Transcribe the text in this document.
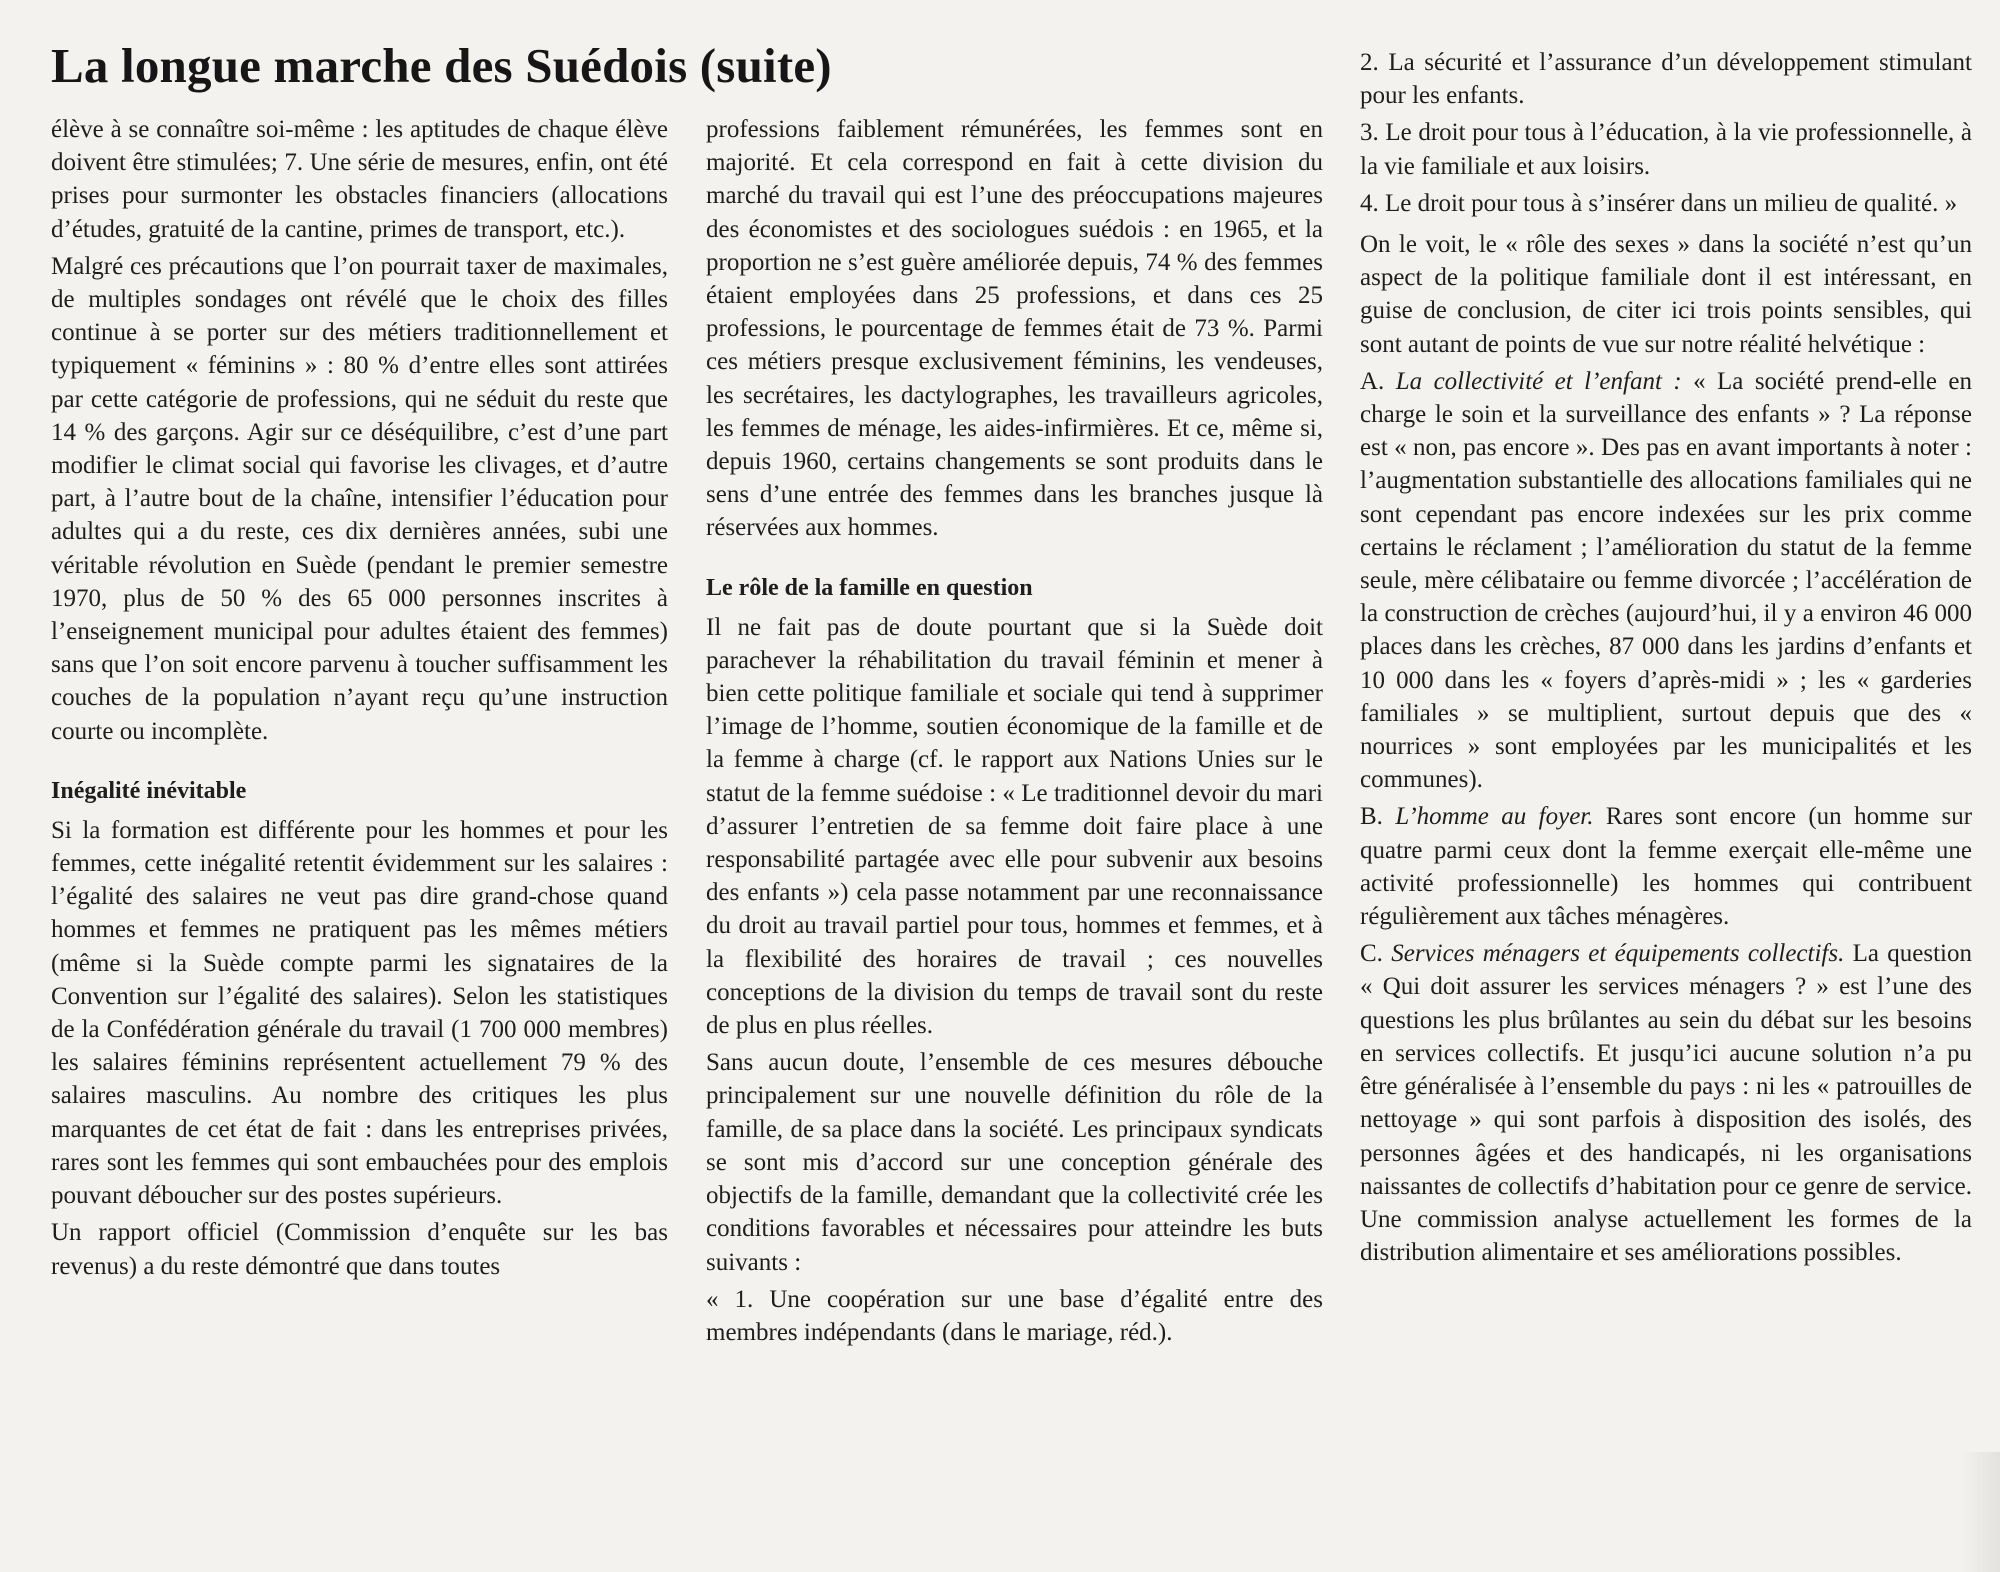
La longue marche des Suédois (suite)

élève à se connaître soi-même : les aptitudes de chaque élève doivent être stimulées; 7. Une série de mesures, enfin, ont été prises pour surmonter les obstacles financiers (allocations d’études, gratuité de la cantine, primes de transport, etc.).

Malgré ces précautions que l’on pourrait taxer de maximales, de multiples sondages ont révélé que le choix des filles continue à se porter sur des métiers traditionnellement et typiquement « féminins » : 80 % d’entre elles sont attirées par cette catégorie de professions, qui ne séduit du reste que 14 % des garçons. Agir sur ce déséquilibre, c’est d’une part modifier le climat social qui favorise les clivages, et d’autre part, à l’autre bout de la chaîne, intensifier l’éducation pour adultes qui a du reste, ces dix dernières années, subi une véritable révolution en Suède (pendant le premier semestre 1970, plus de 50 % des 65 000 personnes inscrites à l’enseignement municipal pour adultes étaient des femmes) sans que l’on soit encore parvenu à toucher suffisamment les couches de la population n’ayant reçu qu’une instruction courte ou incomplète.

Inégalité inévitable

Si la formation est différente pour les hommes et pour les femmes, cette inégalité retentit évidemment sur les salaires : l’égalité des salaires ne veut pas dire grand-chose quand hommes et femmes ne pratiquent pas les mêmes métiers (même si la Suède compte parmi les signataires de la Convention sur l’égalité des salaires). Selon les statistiques de la Confédération générale du travail (1 700 000 membres) les salaires féminins représentent actuellement 79 % des salaires masculins. Au nombre des critiques les plus marquantes de cet état de fait : dans les entreprises privées, rares sont les femmes qui sont embauchées pour des emplois pouvant déboucher sur des postes supérieurs.

Un rapport officiel (Commission d’enquête sur les bas revenus) a du reste démontré que dans toutes

professions faiblement rémunérées, les femmes sont en majorité. Et cela correspond en fait à cette division du marché du travail qui est l’une des préoccupations majeures des économistes et des sociologues suédois : en 1965, et la proportion ne s’est guère améliorée depuis, 74 % des femmes étaient employées dans 25 professions, et dans ces 25 professions, le pourcentage de femmes était de 73 %. Parmi ces métiers presque exclusivement féminins, les vendeuses, les secrétaires, les dactylographes, les travailleurs agricoles, les femmes de ménage, les aides-infirmières. Et ce, même si, depuis 1960, certains changements se sont produits dans le sens d’une entrée des femmes dans les branches jusque là réservées aux hommes.

Le rôle de la famille en question

Il ne fait pas de doute pourtant que si la Suède doit parachever la réhabilitation du travail féminin et mener à bien cette politique familiale et sociale qui tend à supprimer l’image de l’homme, soutien économique de la famille et de la femme à charge (cf. le rapport aux Nations Unies sur le statut de la femme suédoise : « Le traditionnel devoir du mari d’assurer l’entretien de sa femme doit faire place à une responsabilité partagée avec elle pour subvenir aux besoins des enfants ») cela passe notamment par une reconnaissance du droit au travail partiel pour tous, hommes et femmes, et à la flexibilité des horaires de travail ; ces nouvelles conceptions de la division du temps de travail sont du reste de plus en plus réelles.

Sans aucun doute, l’ensemble de ces mesures débouche principalement sur une nouvelle définition du rôle de la famille, de sa place dans la société. Les principaux syndicats se sont mis d’accord sur une conception générale des objectifs de la famille, demandant que la collectivité crée les conditions favorables et nécessaires pour atteindre les buts suivants :

« 1. Une coopération sur une base d’égalité entre des membres indépendants (dans le mariage, réd.).

2. La sécurité et l’assurance d’un développement stimulant pour les enfants.

3. Le droit pour tous à l’éducation, à la vie professionnelle, à la vie familiale et aux loisirs.

4. Le droit pour tous à s’insérer dans un milieu de qualité. »

On le voit, le « rôle des sexes » dans la société n’est qu’un aspect de la politique familiale dont il est intéressant, en guise de conclusion, de citer ici trois points sensibles, qui sont autant de points de vue sur notre réalité helvétique :

A. La collectivité et l’enfant : « La société prend-elle en charge le soin et la surveillance des enfants » ? La réponse est « non, pas encore ». Des pas en avant importants à noter : l’augmentation substantielle des allocations familiales qui ne sont cependant pas encore indexées sur les prix comme certains le réclament ; l’amélioration du statut de la femme seule, mère célibataire ou femme divorcée ; l’accélération de la construction de crèches (aujourd’hui, il y a environ 46 000 places dans les crèches, 87 000 dans les jardins d’enfants et 10 000 dans les « foyers d’après-midi » ; les « garderies familiales » se multiplient, surtout depuis que des « nourrices » sont employées par les municipalités et les communes).

B. L’homme au foyer. Rares sont encore (un homme sur quatre parmi ceux dont la femme exerçait elle-même une activité professionnelle) les hommes qui contribuent régulièrement aux tâches ménagères.

C. Services ménagers et équipements collectifs. La question « Qui doit assurer les services ménagers ? » est l’une des questions les plus brûlantes au sein du débat sur les besoins en services collectifs. Et jusqu’ici aucune solution n’a pu être généralisée à l’ensemble du pays : ni les « patrouilles de nettoyage » qui sont parfois à disposition des isolés, des personnes âgées et des handicapés, ni les organisations naissantes de collectifs d’habitation pour ce genre de service. Une commission analyse actuellement les formes de la distribution alimentaire et ses améliorations possibles.
